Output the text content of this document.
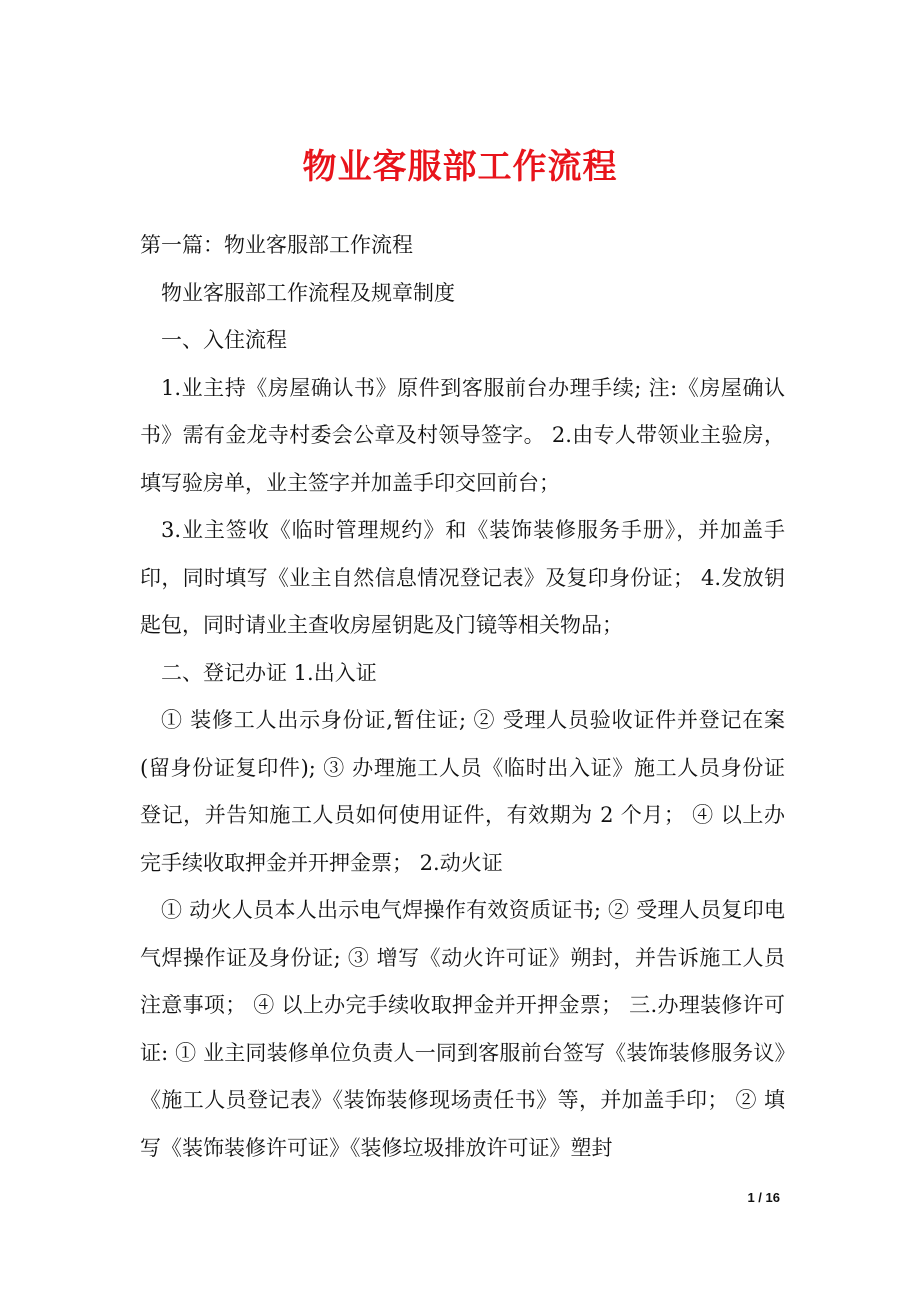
物业客服部工作流程

第一篇：物业客服部工作流程

物业客服部工作流程及规章制度

一、入住流程

1.业主持《房屋确认书》原件到客服前台办理手续; 注:《房屋确认书》需有金龙寺村委会公章及村领导签字。 2.由专人带领业主验房，填写验房单，业主签字并加盖手印交回前台；

3.业主签收《临时管理规约》和《装饰装修服务手册》，并加盖手印，同时填写《业主自然信息情况登记表》及复印身份证； 4.发放钥匙包，同时请业主查收房屋钥匙及门镜等相关物品；

二、登记办证 1.出入证

① 装修工人出示身份证,暂住证; ② 受理人员验收证件并登记在案(留身份证复印件); ③ 办理施工人员《临时出入证》施工人员身份证登记，并告知施工人员如何使用证件，有效期为 2 个月； ④ 以上办完手续收取押金并开押金票； 2.动火证

① 动火人员本人出示电气焊操作有效资质证书; ② 受理人员复印电气焊操作证及身份证; ③ 增写《动火许可证》朔封，并告诉施工人员注意事项； ④ 以上办完手续收取押金并开押金票； 三.办理装修许可证: ① 业主同装修单位负责人一同到客服前台签写《装饰装修服务议》《施工人员登记表》《装饰装修现场责任书》等，并加盖手印； ② 填写《装饰装修许可证》《装修垃圾排放许可证》塑封

1 / 16
